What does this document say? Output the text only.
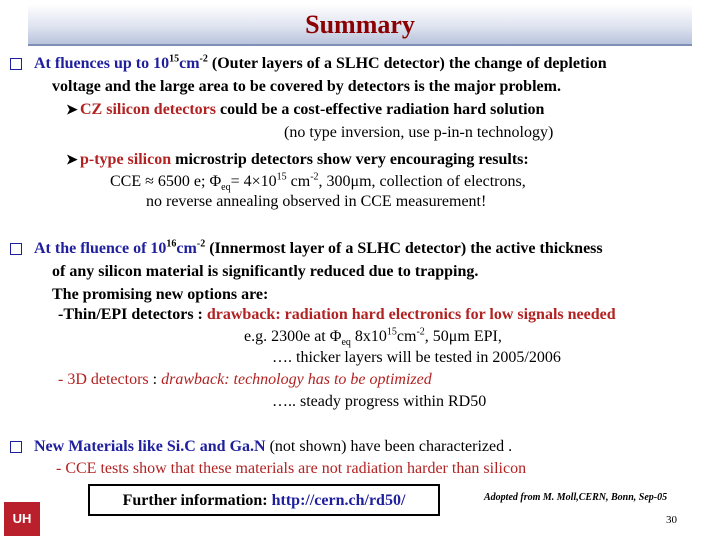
Summary
At fluences up to $10^{15}cm^{-2}$ (Outer layers of a SLHC detector) the change of depletion
voltage and the large area to be covered by detectors is the major problem.
➤ CZ silicon detectors could be a cost-effective radiation hard solution
(no type inversion, use p-in-n technology)
➤ p-type silicon microstrip detectors show very encouraging results:
CCE ≈ 6500 e; $\Phi_{eq}= 4\times 10^{15}$ $cm^{-2}$, 300μm, collection of electrons,
no reverse annealing observed in CCE measurement!
At the fluence of $10^{16}cm^{-2}$ (Innermost layer of a SLHC detector) the active thickness
of any silicon material is significantly reduced due to trapping.
The promising new options are:
-Thin/EPI detectors : drawback: radiation hard electronics for low signals needed
e.g. 2300e at $\Phi_{eq}$ $8x10^{15}cm^{-2}$, 50μm EPI,
…. thicker layers will be tested in 2005/2006
- 3D detectors : drawback: technology has to be optimized
….. steady progress within RD50
New Materials like Si.C and Ga.N (not shown) have been characterized .
- CCE tests show that these materials are not radiation harder than silicon
Further information: http://cern.ch/rd50/	Adopted from M. Moll,CERN, Bonn, Sep-05
30
UH
